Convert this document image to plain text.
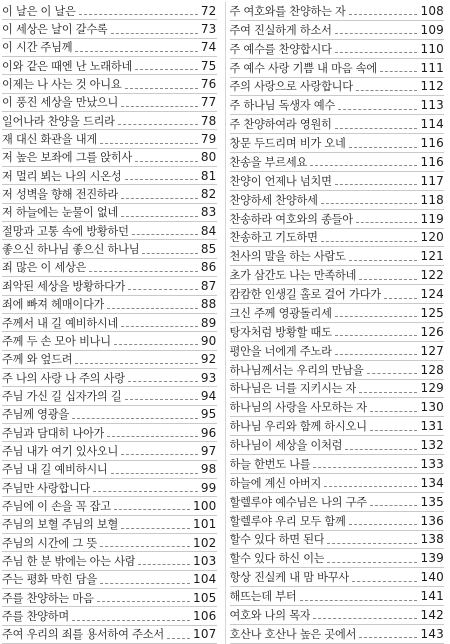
이 날은 이 날은	72
이 세상은 날이 갈수록	73
이 시간 주님께	74
이와 같은 때엔 난 노래하네	75
이제는 나 사는 것 아니요	76
이 풍진 세상을 만났으니	77
일어나라 찬양을 드리라	78
재 대신 화관을 내게	79
저 높은 보좌에 그를 앉히사	80
저 멀리 뵈는 나의 시온성	81
저 성벽을 향해 전진하라	82
저 하늘에는 눈물이 없네	83
절망과 고통 속에 방황하던	84
좋으신 하나님 좋으신 하나님	85
죄 많은 이 세상은	86
죄악된 세상을 방황하다가	87
죄에 빠져 헤매이다가	88
주께서 내 길 예비하시네	89
주께 두 손 모아 비나니	90
주께 와 엎드려	92
주 나의 사랑 나 주의 사랑	93
주님 가신 길 십자가의 길	94
주님께 영광을	95
주님과 담대히 나아가	96
주님 내가 여기 있사오니	97
주님 내 길 예비하시니	98
주님만 사랑합니다	99
주님에 이 손을 꼭 잡고	100
주님의 보혈 주님의 보혈	101
주님의 시간에 그 뜻	102
주님 한 분 밖에는 아는 사람	103
주는 평화 막힌 담을	104
주를 찬양하는 마음	105
주를 찬양하며	106
주여 우리의 죄를 용서하여 주소서 107
주 여호와를 찬양하는 자	108
주여 진실하게 하소서	109
주 예수를 찬양합시다	110
주 예수 사랑 기쁨 내 마음 속에	111
주의 사랑으로 사랑합니다	112
주 하나님 독생자 예수	113
주 찬양하여라 영원히	114
창문 두드리며 비가 오네	116
찬송을 부르세요	116
찬양이 언제나 넘치면	117
찬양하세 찬양하세	118
찬송하라 여호와의 종들아	119
찬송하고 기도하면	120
천사의 말을 하는 사람도	121
초가 삼간도 나는 만족하네	122
캄캄한 인생길 홀로 걸어 가다가	124
크신 주께 영광돌리세	125
탕자처럼 방황할 때도	126
평안을 너에게 주노라	127
하나님께서는 우리의 만남을	128
하나님은 너를 지키시는 자	129
하나님의 사랑을 사모하는 자	130
하나님 우리와 함께 하시오니	131
하나님이 세상을 이처럼	132
하늘 한번도 나를	133
하늘에 계신 아버지	134
할렐루야 예수님은 나의 구주	135
할렐루야 우리 모두 함께	136
할수 있다 하면 된다	138
할수 있다 하신 이는	139
항상 진실케 내 맘 바꾸사	140
해뜨는데 부터	141
여호와 나의 목자	142
호산나 호산나 높은 곳에서	143
